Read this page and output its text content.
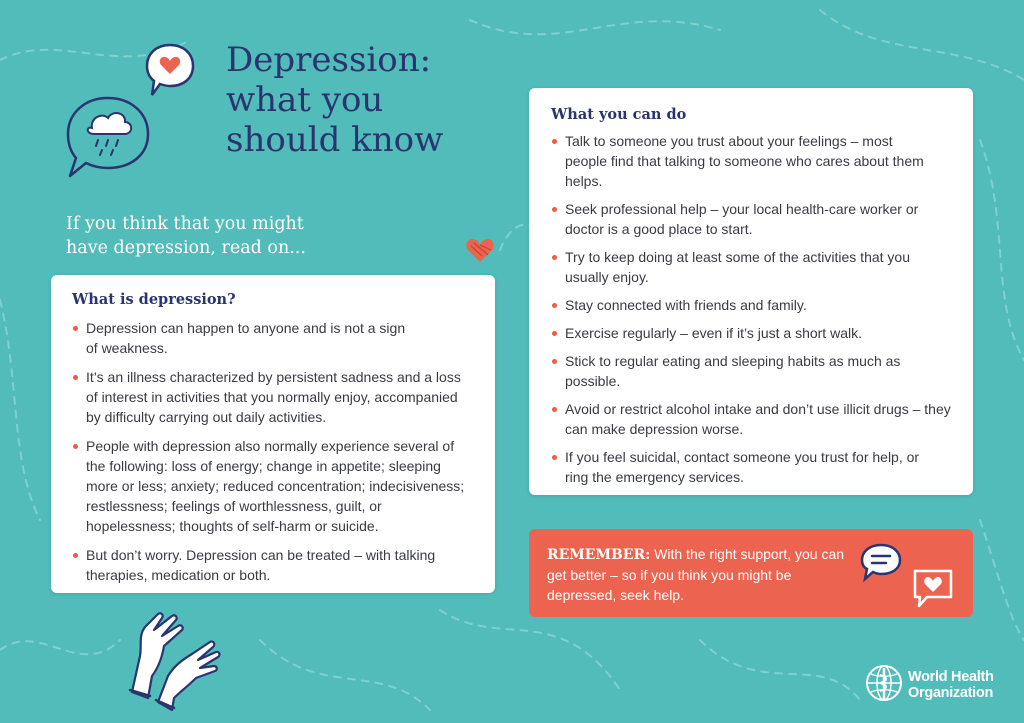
Depression:
what you
should know

If you think that you might
have depression, read on...

What is depression?
Depression can happen to anyone and is not a sign of weakness.
It’s an illness characterized by persistent sadness and a loss of interest in activities that you normally enjoy, accompanied by difficulty carrying out daily activities.
People with depression also normally experience several of the following: loss of energy; change in appetite; sleeping more or less; anxiety; reduced concentration; indecisiveness; restlessness; feelings of worthlessness, guilt, or hopelessness; thoughts of self-harm or suicide.
But don’t worry. Depression can be treated – with talking therapies, medication or both.
What you can do
Talk to someone you trust about your feelings – most people find that talking to someone who cares about them helps.
Seek professional help – your local health-care worker or doctor is a good place to start.
Try to keep doing at least some of the activities that you usually enjoy.
Stay connected with friends and family.
Exercise regularly – even if it’s just a short walk.
Stick to regular eating and sleeping habits as much as possible.
Avoid or restrict alcohol intake and don’t use illicit drugs – they can make depression worse.
If you feel suicidal, contact someone you trust for help, or ring the emergency services.

REMEMBER: With the right support, you can get better – so if you think you might be depressed, seek help.

World Health
Organization
